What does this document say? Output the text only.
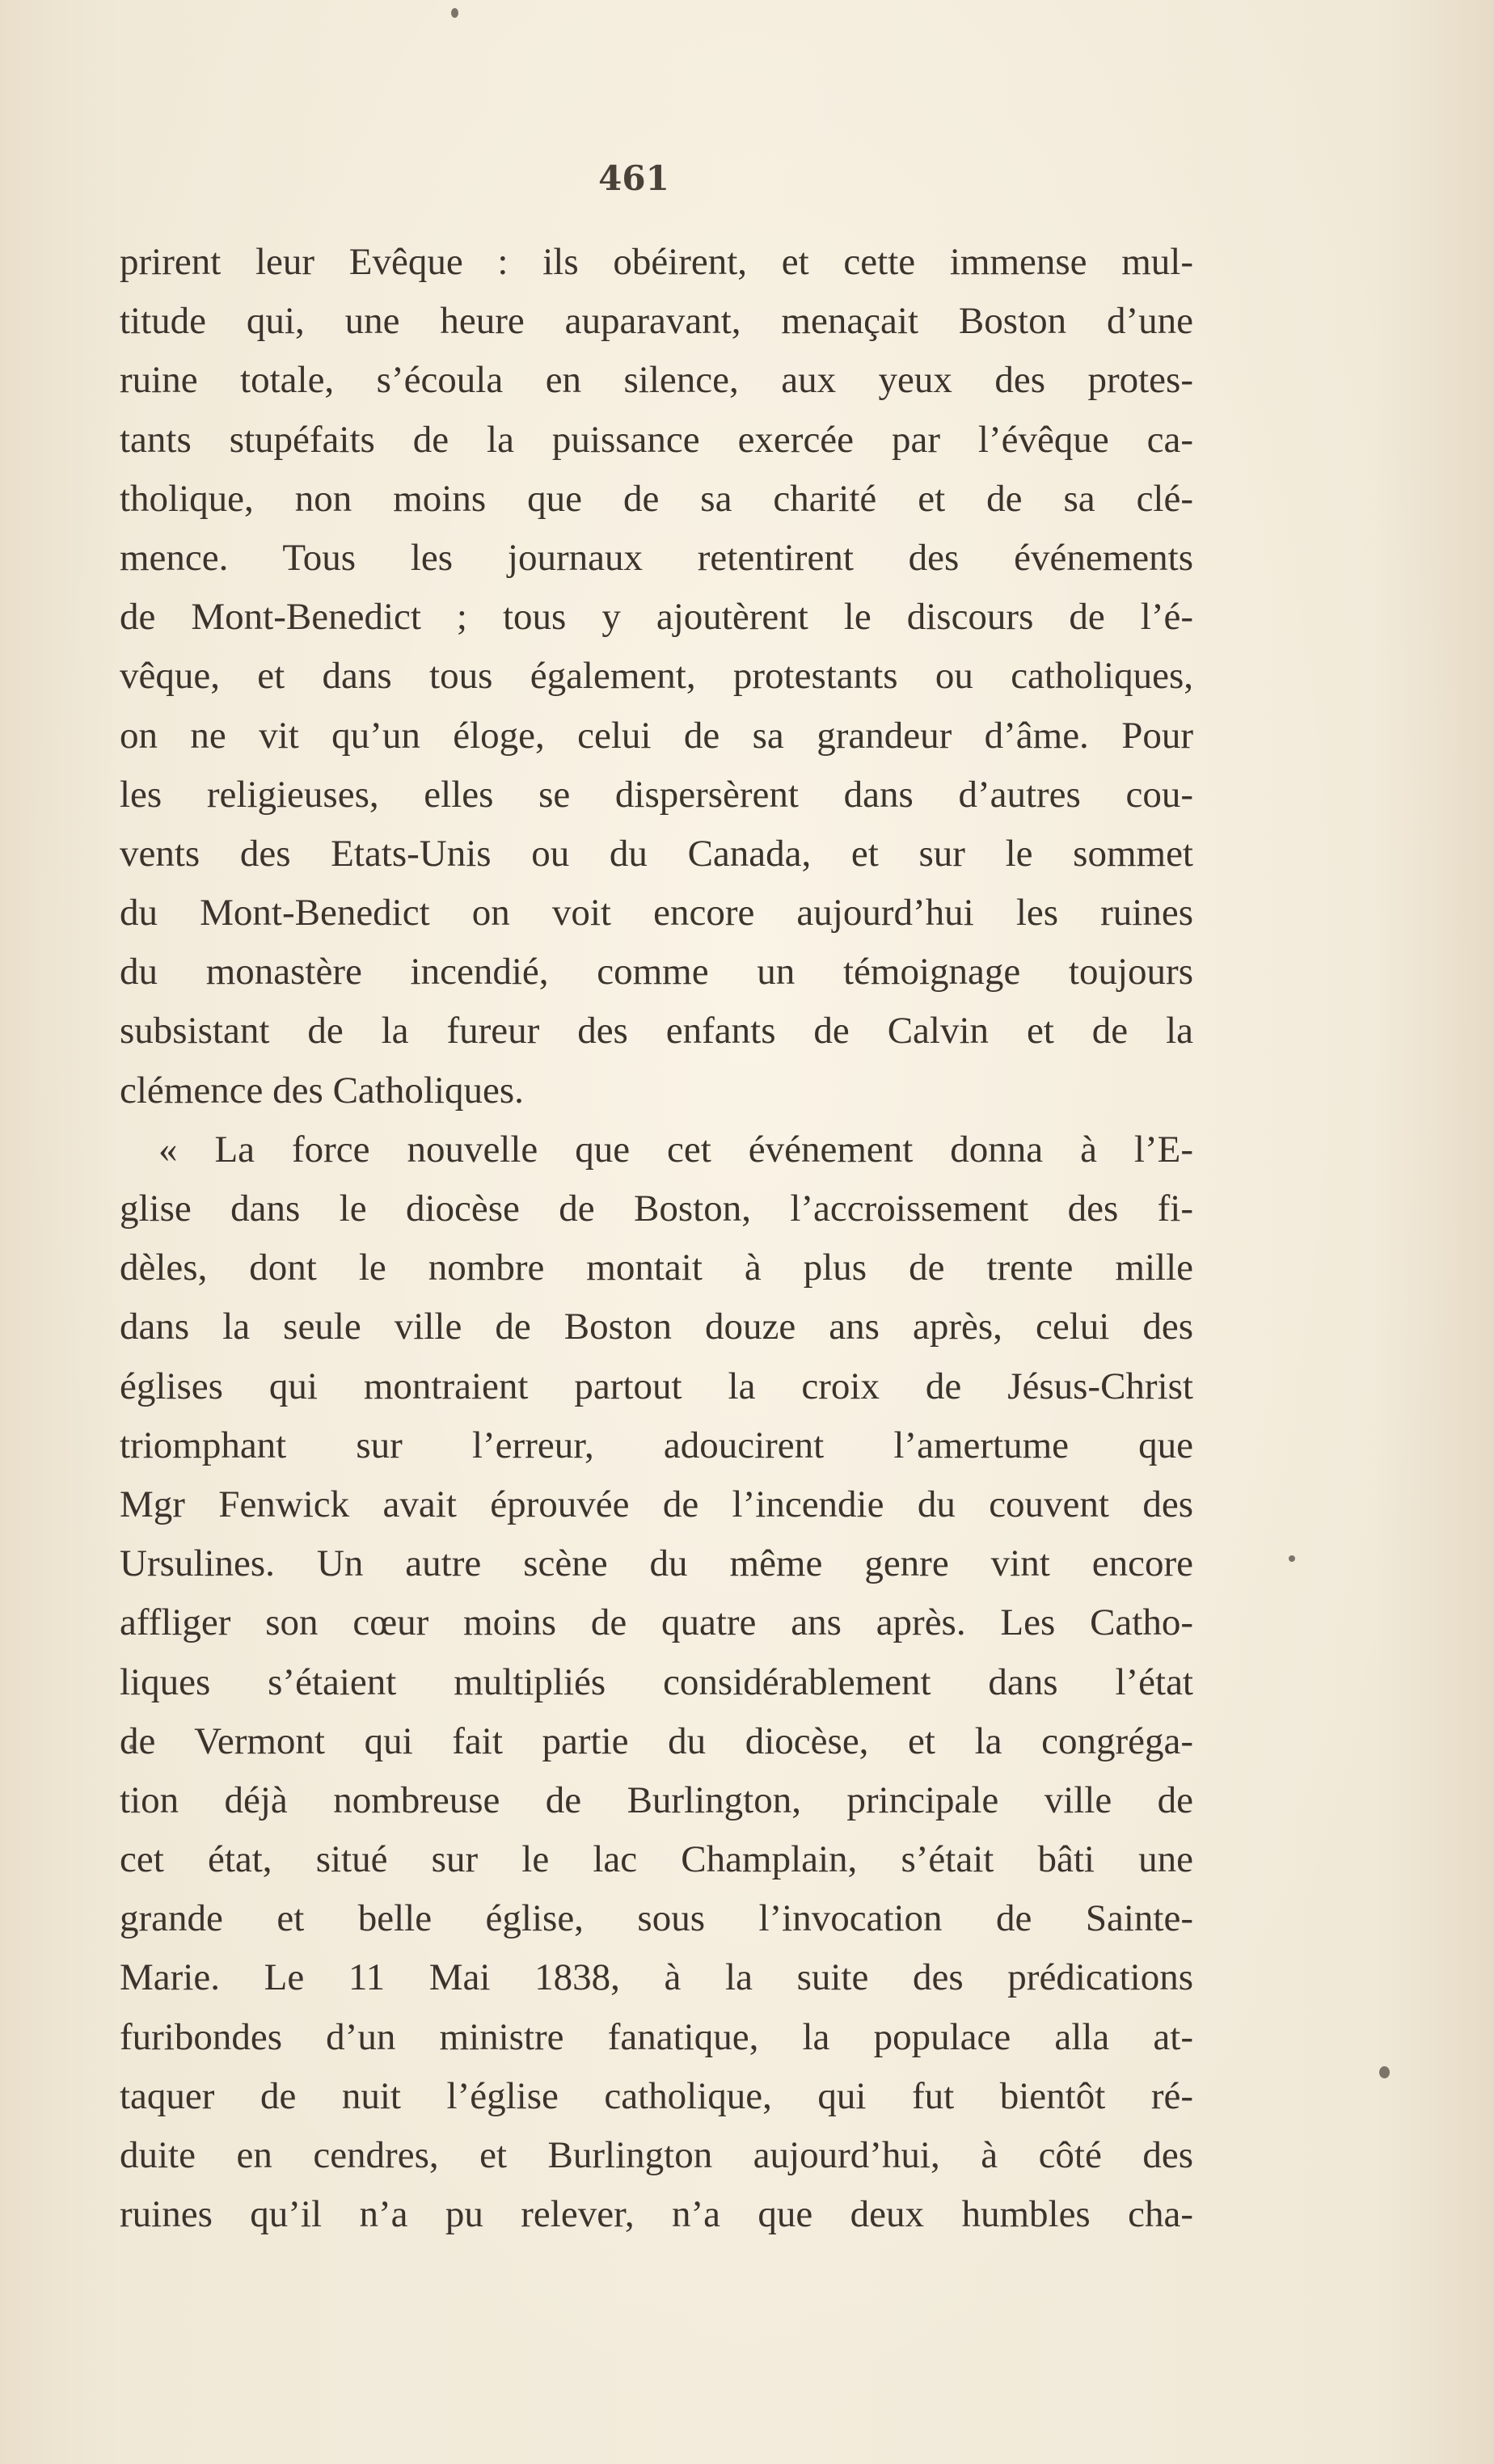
461
prirent leur Evêque : ils obéirent, et cette immense mul-
titude qui, une heure auparavant, menaçait Boston d’une
ruine totale, s’écoula en silence, aux yeux des protes-
tants stupéfaits de la puissance exercée par l’évêque ca-
tholique, non moins que de sa charité et de sa clé-
mence. Tous les journaux retentirent des événements
de Mont-Benedict ; tous y ajoutèrent le discours de l’é-
vêque, et dans tous également, protestants ou catholiques,
on ne vit qu’un éloge, celui de sa grandeur d’âme. Pour
les religieuses, elles se dispersèrent dans d’autres cou-
vents des Etats-Unis ou du Canada, et sur le sommet
du Mont-Benedict on voit encore aujourd’hui les ruines
du monastère incendié, comme un témoignage toujours
subsistant de la fureur des enfants de Calvin et de la
clémence des Catholiques.
« La force nouvelle que cet événement donna à l’E-
glise dans le diocèse de Boston, l’accroissement des fi-
dèles, dont le nombre montait à plus de trente mille
dans la seule ville de Boston douze ans après, celui des
églises qui montraient partout la croix de Jésus-Christ
triomphant sur l’erreur, adoucirent l’amertume que
Mgr Fenwick avait éprouvée de l’incendie du couvent des
Ursulines. Un autre scène du même genre vint encore
affliger son cœur moins de quatre ans après. Les Catho-
liques s’étaient multipliés considérablement dans l’état
de Vermont qui fait partie du diocèse, et la congréga-
tion déjà nombreuse de Burlington, principale ville de
cet état, situé sur le lac Champlain, s’était bâti une
grande et belle église, sous l’invocation de Sainte-
Marie. Le 11 Mai 1838, à la suite des prédications
furibondes d’un ministre fanatique, la populace alla at-
taquer de nuit l’église catholique, qui fut bientôt ré-
duite en cendres, et Burlington aujourd’hui, à côté des
ruines qu’il n’a pu relever, n’a que deux humbles cha-
